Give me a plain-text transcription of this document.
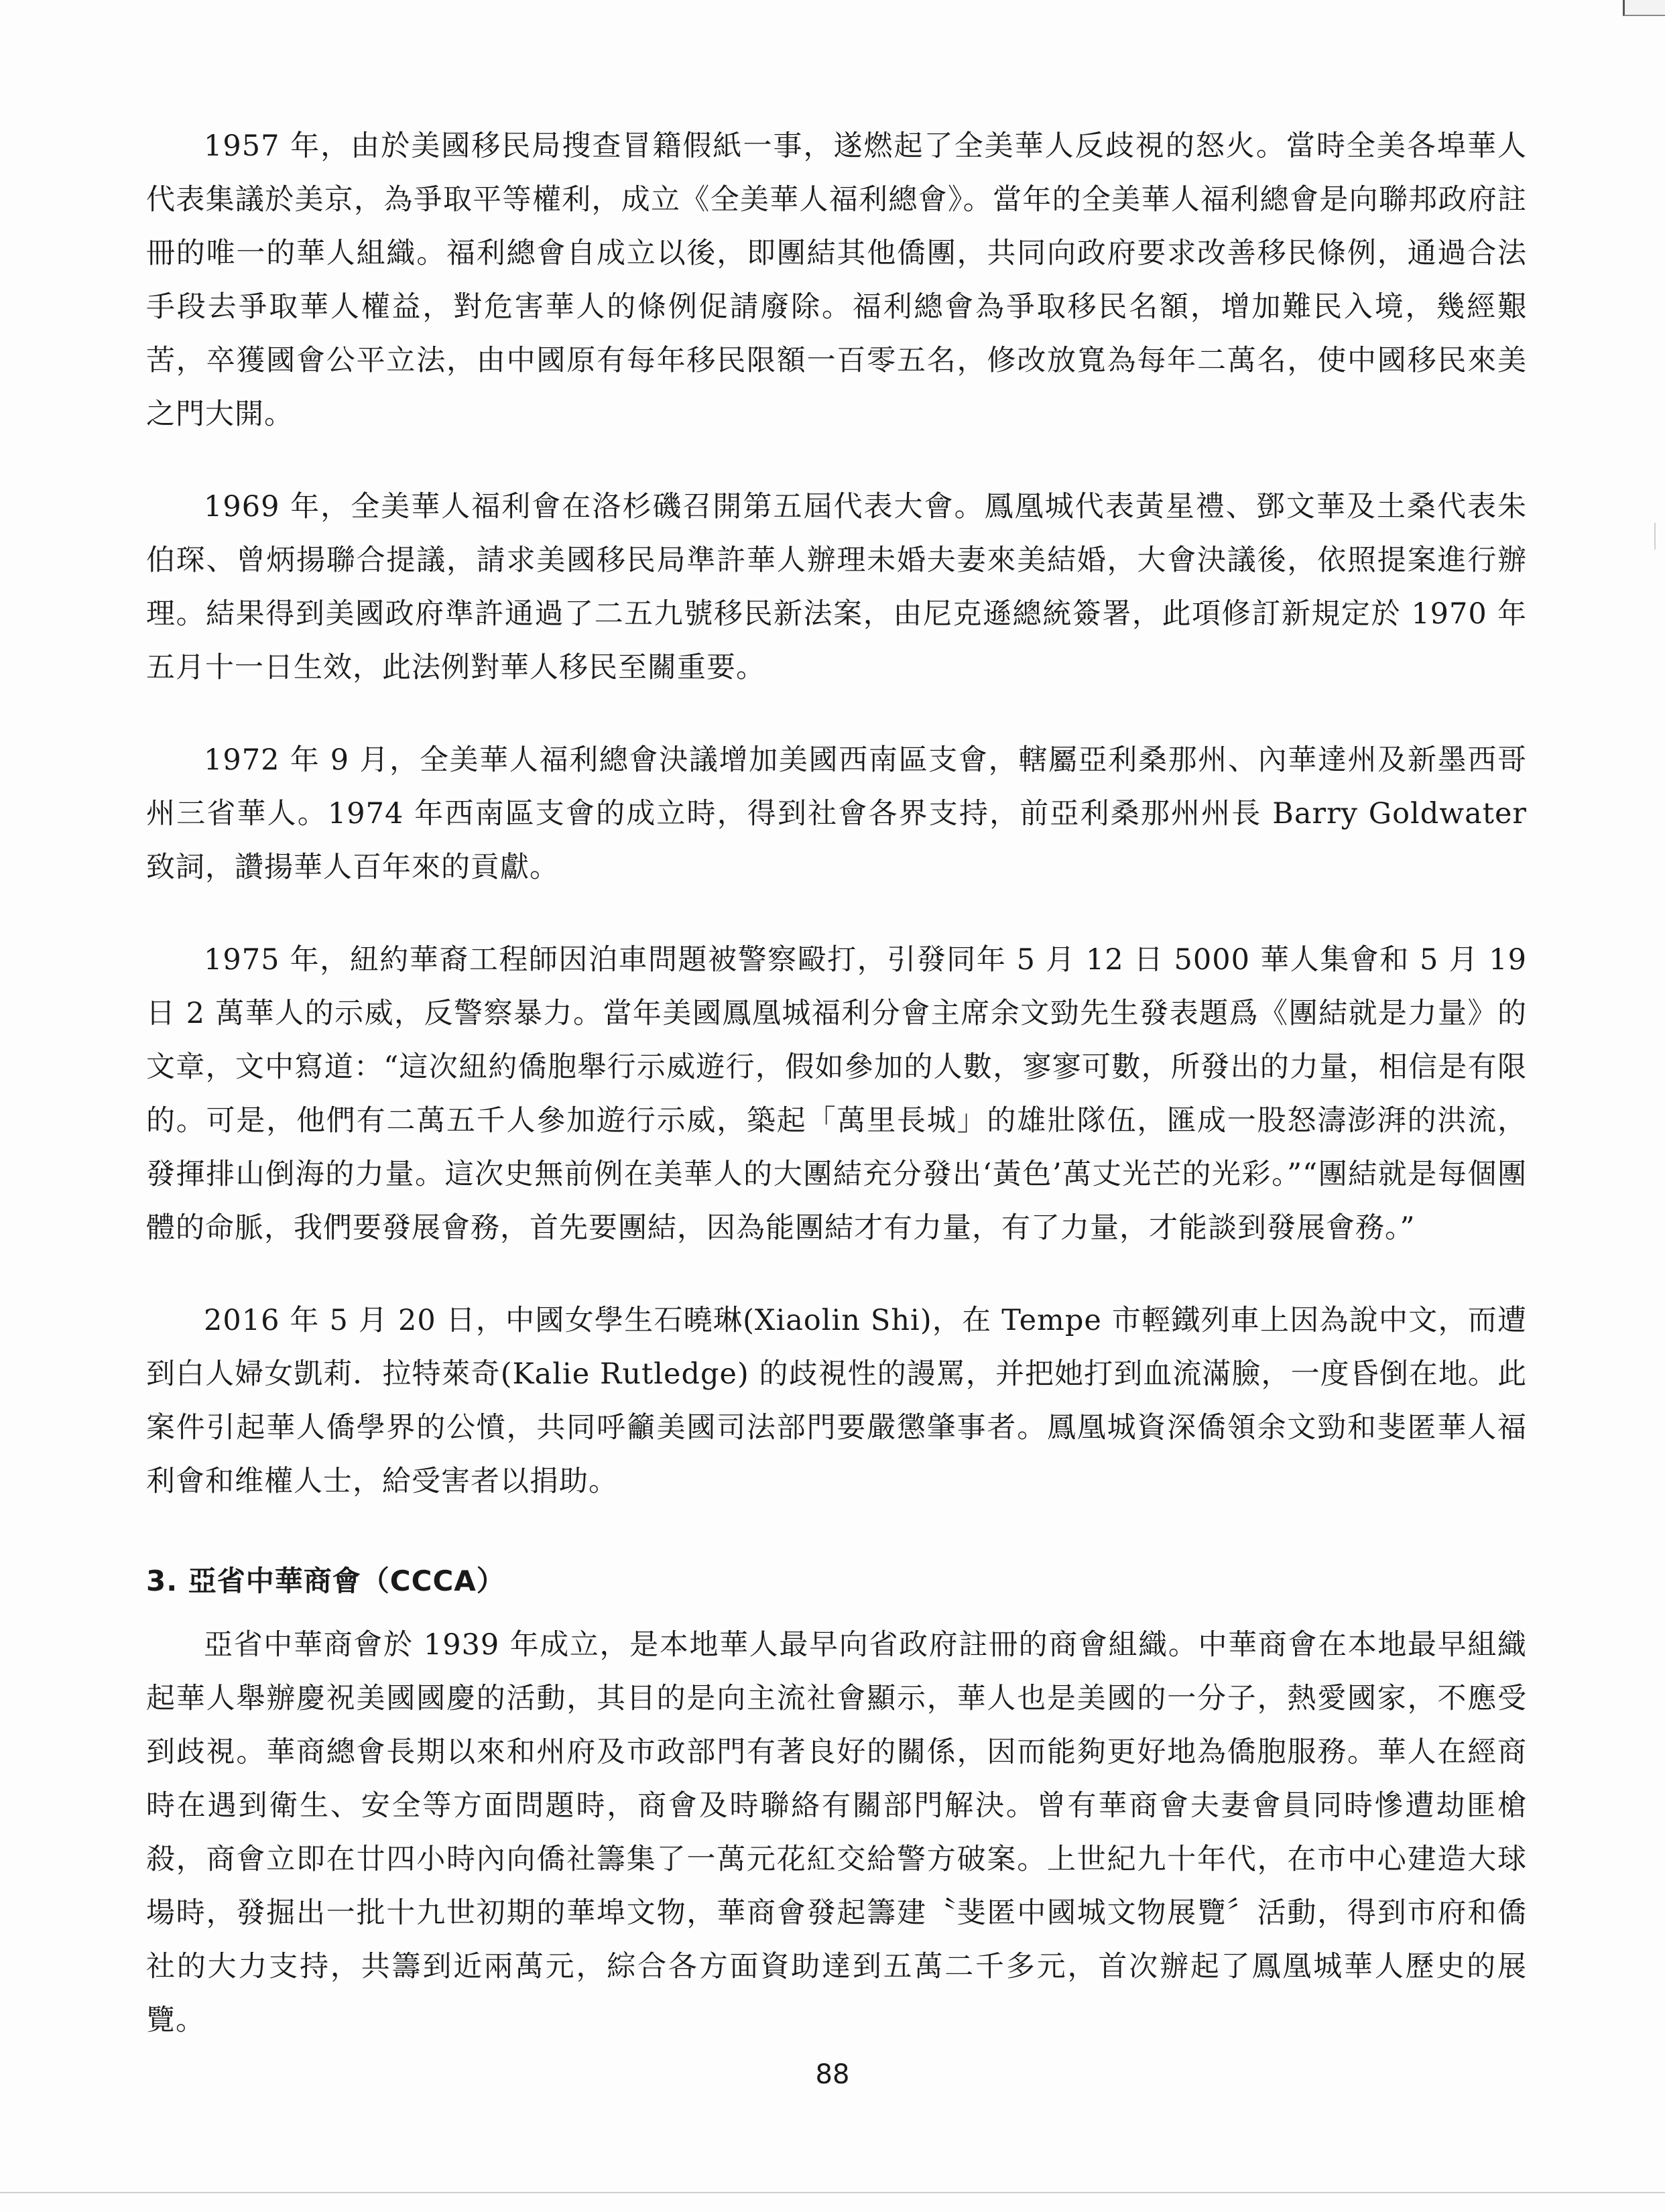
1957 年，由於美國移民局搜查冒籍假紙一事，遂燃起了全美華人反歧視的怒火。當時全美各埠華人代表集議於美京，為爭取平等權利，成立《全美華人福利總會》。當年的全美華人福利總會是向聯邦政府註冊的唯一的華人組織。福利總會自成立以後，即團結其他僑團，共同向政府要求改善移民條例，通過合法手段去爭取華人權益，對危害華人的條例促請廢除。福利總會為爭取移民名額，增加難民入境，幾經艱苦，卒獲國會公平立法，由中國原有每年移民限額一百零五名，修改放寬為每年二萬名，使中國移民來美之門大開。

1969 年，全美華人福利會在洛杉磯召開第五屆代表大會。鳳凰城代表黃星禮、鄧文華及土桑代表朱伯琛、曾炳揚聯合提議，請求美國移民局準許華人辦理未婚夫妻來美結婚，大會決議後，依照提案進行辦理。結果得到美國政府準許通過了二五九號移民新法案，由尼克遜總統簽署，此項修訂新規定於 1970 年五月十一日生效，此法例對華人移民至關重要。

1972 年 9 月，全美華人福利總會決議增加美國西南區支會，轄屬亞利桑那州、內華達州及新墨西哥州三省華人。1974 年西南區支會的成立時，得到社會各界支持，前亞利桑那州州長 Barry Goldwater 致詞，讚揚華人百年來的貢獻。

1975 年，紐約華裔工程師因泊車問題被警察毆打，引發同年 5 月 12 日 5000 華人集會和 5 月 19 日 2 萬華人的示威，反警察暴力。當年美國鳳凰城福利分會主席余文勁先生發表題爲《團結就是力量》的文章，文中寫道：“這次紐約僑胞舉行示威遊行，假如參加的人數，寥寥可數，所發出的力量，相信是有限的。可是，他們有二萬五千人參加遊行示威，築起「萬里長城」的雄壯隊伍，匯成一股怒濤澎湃的洪流，發揮排山倒海的力量。這次史無前例在美華人的大團結充分發出‘黃色’萬丈光芒的光彩。”“團結就是每個團體的命脈，我們要發展會務，首先要團結，因為能團結才有力量，有了力量，才能談到發展會務。”

2016 年 5 月 20 日，中國女學生石曉琳(Xiaolin Shi)，在 Tempe 市輕鐵列車上因為說中文，而遭到白人婦女凱莉．拉特萊奇(Kalie Rutledge) 的歧視性的謾罵，并把她打到血流滿臉，一度昏倒在地。此案件引起華人僑學界的公憤，共同呼籲美國司法部門要嚴懲肇事者。鳳凰城資深僑領余文勁和斐匿華人福利會和维權人士，給受害者以捐助。

3. 亞省中華商會（CCCA）

亞省中華商會於 1939 年成立，是本地華人最早向省政府註冊的商會組織。中華商會在本地最早組織起華人舉辦慶祝美國國慶的活動，其目的是向主流社會顯示，華人也是美國的一分子，熱愛國家，不應受到歧視。華商總會長期以來和州府及市政部門有著良好的關係，因而能夠更好地為僑胞服務。華人在經商時在遇到衛生、安全等方面問題時，商會及時聯絡有關部門解決。曾有華商會夫妻會員同時慘遭劫匪槍殺，商會立即在廿四小時內向僑社籌集了一萬元花紅交給警方破案。上世紀九十年代，在市中心建造大球場時，發掘出一批十九世初期的華埠文物，華商會發起籌建〝斐匿中國城文物展覽〞活動，得到市府和僑社的大力支持，共籌到近兩萬元，綜合各方面資助達到五萬二千多元，首次辦起了鳳凰城華人歷史的展覽。

88
